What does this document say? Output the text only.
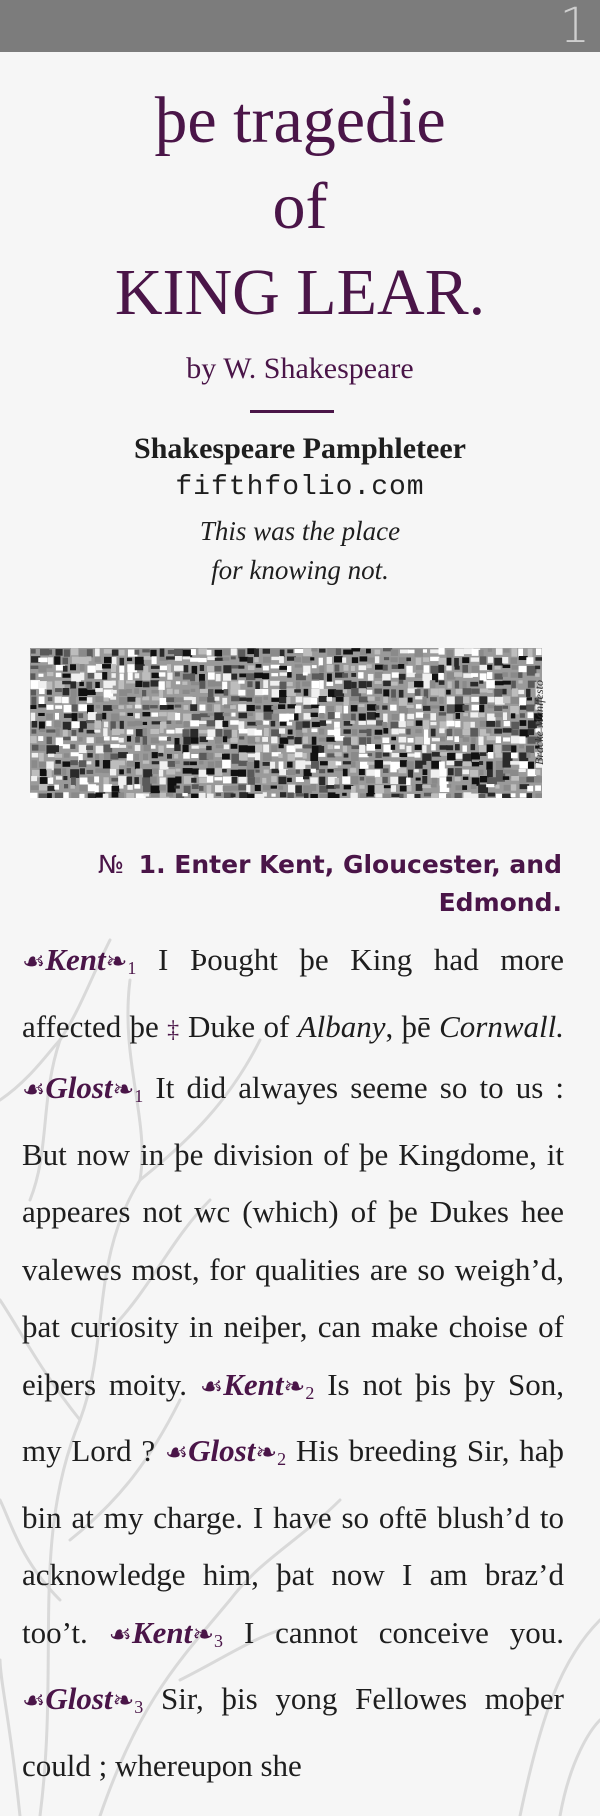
1
þe tragedie
of
KING LEAR.
by W. Shakespeare
Shakespeare Pamphleteer
fifthfolio.com
This was the place
for knowing not.
Bracke Manifesto
№ 1. Enter Kent, Gloucester, and Edmond.

$☙Kent❧_1$ I Þought þe King had more affected þe ‡ Duke of Albany, þē Cornwall. $☙Glost❧_1$ It did alwayes seeme so to us : But now in þe division of þe Kingdome, it appeares not wc (which) of þe Dukes hee valewes most, for qualities are so weigh’d, þat curiosity in neiþer, can make choise of eiþers moity. $☙Kent❧_2$ Is not þis þy Son, my Lord ? $☙Glost❧_2$ His breeding Sir, haþ bin at my charge. I have so oftē blush’d to acknowledge him, þat now I am braz’d too’t. $☙Kent❧_3$ I cannot conceive you. $☙Glost❧_3$ Sir, þis yong Fellowes moþer could ; whereupon she
